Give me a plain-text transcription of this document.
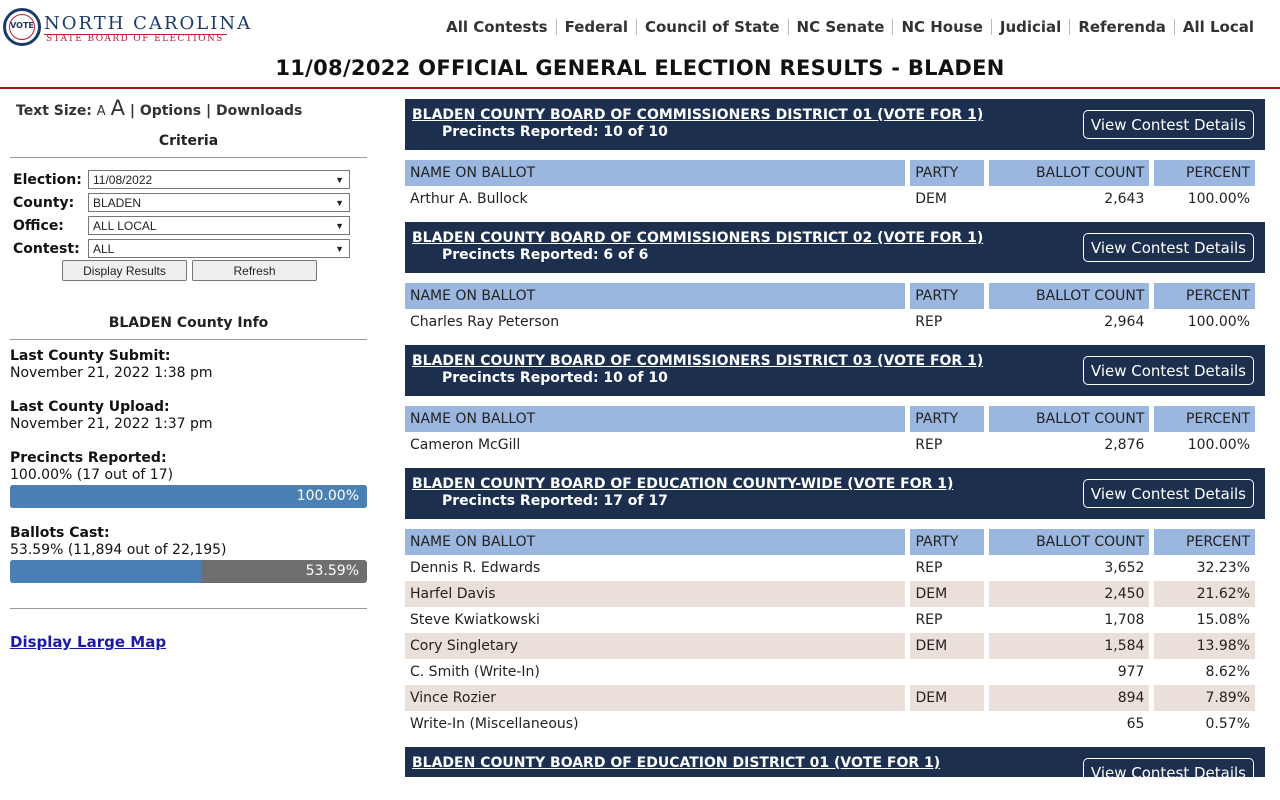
VOTE NORTH CAROLINA
STATE BOARD OF ELECTIONS
All Contests	Federal	Council of State	NC Senate	NC House	Judicial	Referenda	All Local
11/08/2022 OFFICIAL GENERAL ELECTION RESULTS - BLADEN
Text Size: A A | Options | Downloads
Criteria
Election: 11/08/2022	▼
County:	BLADEN	▼
Office:	ALL LOCAL	▼
Contest:	ALL	▼
Display Results	Refresh
BLADEN County Info
Last County Submit:
November 21, 2022 1:38 pm
Last County Upload:
November 21, 2022 1:37 pm
Precincts Reported:
100.00% (17 out of 17)
100.00%
Ballots Cast:
53.59% (11,894 out of 22,195)
53.59%
Display Large Map
BLADEN COUNTY BOARD OF COMMISSIONERS DISTRICT 01 (VOTE FOR 1)
Precincts Reported: 10 of 10	View Contest Details
NAME ON BALLOT	PARTY	BALLOT COUNT	PERCENT
Arthur A. Bullock	DEM	2,643	100.00%
BLADEN COUNTY BOARD OF COMMISSIONERS DISTRICT 02 (VOTE FOR 1)
Precincts Reported: 6 of 6	View Contest Details
NAME ON BALLOT	PARTY	BALLOT COUNT	PERCENT
Charles Ray Peterson	REP	2,964	100.00%
BLADEN COUNTY BOARD OF COMMISSIONERS DISTRICT 03 (VOTE FOR 1)
Precincts Reported: 10 of 10	View Contest Details
NAME ON BALLOT	PARTY	BALLOT COUNT	PERCENT
Cameron McGill	REP	2,876	100.00%
BLADEN COUNTY BOARD OF EDUCATION COUNTY-WIDE (VOTE FOR 1)
Precincts Reported: 17 of 17	View Contest Details
NAME ON BALLOT	PARTY	BALLOT COUNT	PERCENT
Dennis R. Edwards	REP	3,652	32.23%
Harfel Davis	DEM	2,450	21.62%
Steve Kwiatkowski	REP	1,708	15.08%
Cory Singletary	DEM	1,584	13.98%
C. Smith (Write-In)		977	8.62%
Vince Rozier	DEM	894	7.89%
Write-In (Miscellaneous)		65	0.57%
BLADEN COUNTY BOARD OF EDUCATION DISTRICT 01 (VOTE FOR 1)
View Contest Details
